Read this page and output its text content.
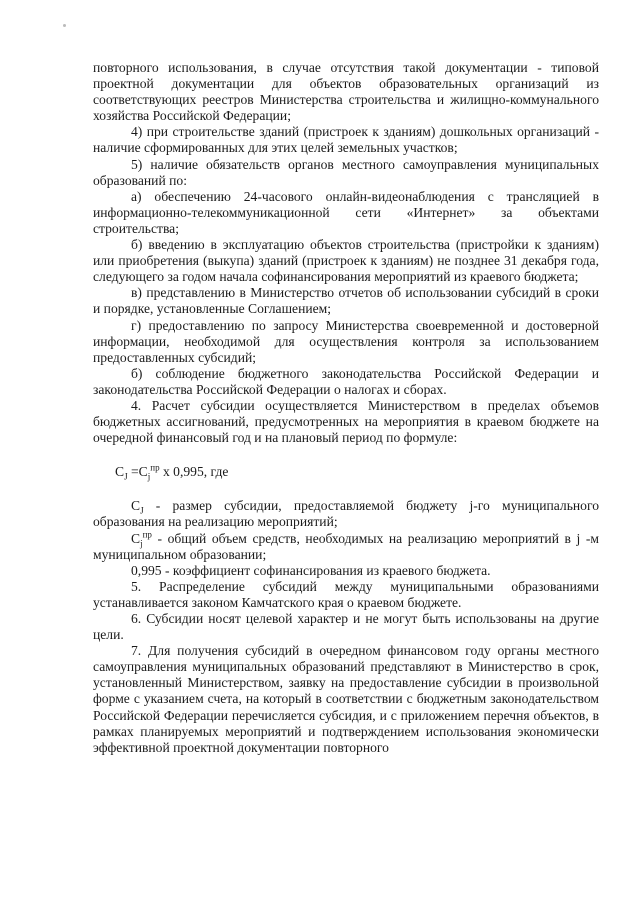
повторного использования, в случае отсутствия такой документации - типовой проектной документации для объектов образовательных организаций из соответствующих реестров Министерства строительства и жилищно-коммунального хозяйства Российской Федерации;

4) при строительстве зданий (пристроек к зданиям) дошкольных организаций - наличие сформированных для этих целей земельных участков;

5) наличие обязательств органов местного самоуправления муниципальных образований по:

а) обеспечению 24-часового онлайн-видеонаблюдения с трансляцией в информационно-телекоммуникационной сети «Интернет» за объектами строительства;

б) введению в эксплуатацию объектов строительства (пристройки к зданиям) или приобретения (выкупа) зданий (пристроек к зданиям) не позднее 31 декабря года, следующего за годом начала софинансирования мероприятий из краевого бюджета;

в) представлению в Министерство отчетов об использовании субсидий в сроки и порядке, установленные Соглашением;

г) предоставлению по запросу Министерства своевременной и достоверной информации, необходимой для осуществления контроля за использованием предоставленных субсидий;

б) соблюдение бюджетного законодательства Российской Федерации и законодательства Российской Федерации о налогах и сборах.

4. Расчет субсидии осуществляется Министерством в пределах объемов бюджетных ассигнований, предусмотренных на мероприятия в краевом бюджете на очередной финансовый год и на плановый период по формуле:

$C_J =C_j^{пр}$ x 0,995, где

$C_J$ - размер субсидии, предоставляемой бюджету j-го муниципального образования на реализацию мероприятий;

$C_j^{пр}$ - общий объем средств, необходимых на реализацию мероприятий в j -м муниципальном образовании;

0,995 - коэффициент софинансирования из краевого бюджета.

5. Распределение субсидий между муниципальными образованиями устанавливается законом Камчатского края о краевом бюджете.

6. Субсидии носят целевой характер и не могут быть использованы на другие цели.

7. Для получения субсидий в очередном финансовом году органы местного самоуправления муниципальных образований представляют в Министерство в срок, установленный Министерством, заявку на предоставление субсидии в произвольной форме с указанием счета, на который в соответствии с бюджетным законодательством Российской Федерации перечисляется субсидия, и с приложением перечня объектов, в рамках планируемых мероприятий и подтверждением использования экономически эффективной проектной документации повторного
